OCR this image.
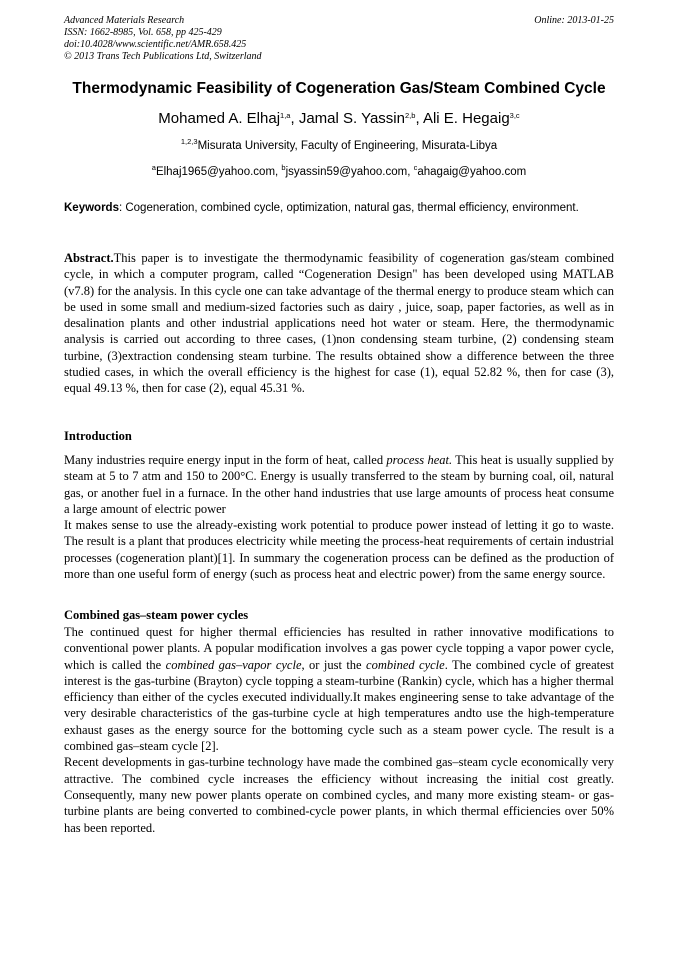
Advanced Materials Research
ISSN: 1662-8985, Vol. 658, pp 425-429
doi:10.4028/www.scientific.net/AMR.658.425
© 2013 Trans Tech Publications Ltd, Switzerland
Online: 2013-01-25
Thermodynamic Feasibility of Cogeneration Gas/Steam Combined Cycle
Mohamed A. Elhaj$^{1,a}$, Jamal S. Yassin$^{2,b}$, Ali E. Hegaig$^{3,c}$
$^{1,2,3}$Misurata University, Faculty of Engineering, Misurata-Libya
$^a$Elhaj1965@yahoo.com, $^b$jsyassin59@yahoo.com, $^c$ahagaig@yahoo.com
Keywords: Cogeneration, combined cycle, optimization, natural gas, thermal efficiency, environment.

Abstract.This paper is to investigate the thermodynamic feasibility of cogeneration gas/steam combined cycle, in which a computer program, called “Cogeneration Design" has been developed using MATLAB (v7.8) for the analysis. In this cycle one can take advantage of the thermal energy to produce steam which can be used in some small and medium-sized factories such as dairy , juice, soap, paper factories, as well as in desalination plants and other industrial applications need hot water or steam. Here, the thermodynamic analysis is carried out according to three cases, (1)non condensing steam turbine, (2) condensing steam turbine, (3)extraction condensing steam turbine. The results obtained show a difference between the three studied cases, in which the overall efficiency is the highest for case (1), equal 52.82 %, then for case (3), equal 49.13 %, then for case (2), equal 45.31 %.

Introduction

Many industries require energy input in the form of heat, called process heat. This heat is usually supplied by steam at 5 to 7 atm and 150 to 200°C. Energy is usually transferred to the steam by burning coal, oil, natural gas, or another fuel in a furnace. In the other hand industries that use large amounts of process heat consume a large amount of electric power

It makes sense to use the already-existing work potential to produce power instead of letting it go to waste. The result is a plant that produces electricity while meeting the process-heat requirements of certain industrial processes (cogeneration plant)[1]. In summary the cogeneration process can be defined as the production of more than one useful form of energy (such as process heat and electric power) from the same energy source.

Combined gas–steam power cycles

The continued quest for higher thermal efficiencies has resulted in rather innovative modifications to conventional power plants. A popular modification involves a gas power cycle topping a vapor power cycle, which is called the combined gas–vapor cycle, or just the combined cycle. The combined cycle of greatest interest is the gas-turbine (Brayton) cycle topping a steam-turbine (Rankin) cycle, which has a higher thermal efficiency than either of the cycles executed individually.It makes engineering sense to take advantage of the very desirable characteristics of the gas-turbine cycle at high temperatures andto use the high-temperature exhaust gases as the energy source for the bottoming cycle such as a steam power cycle. The result is a combined gas–steam cycle [2].

Recent developments in gas-turbine technology have made the combined gas–steam cycle economically very attractive. The combined cycle increases the efficiency without increasing the initial cost greatly. Consequently, many new power plants operate on combined cycles, and many more existing steam- or gas-turbine plants are being converted to combined-cycle power plants, in which thermal efficiencies over 50% has been reported.
